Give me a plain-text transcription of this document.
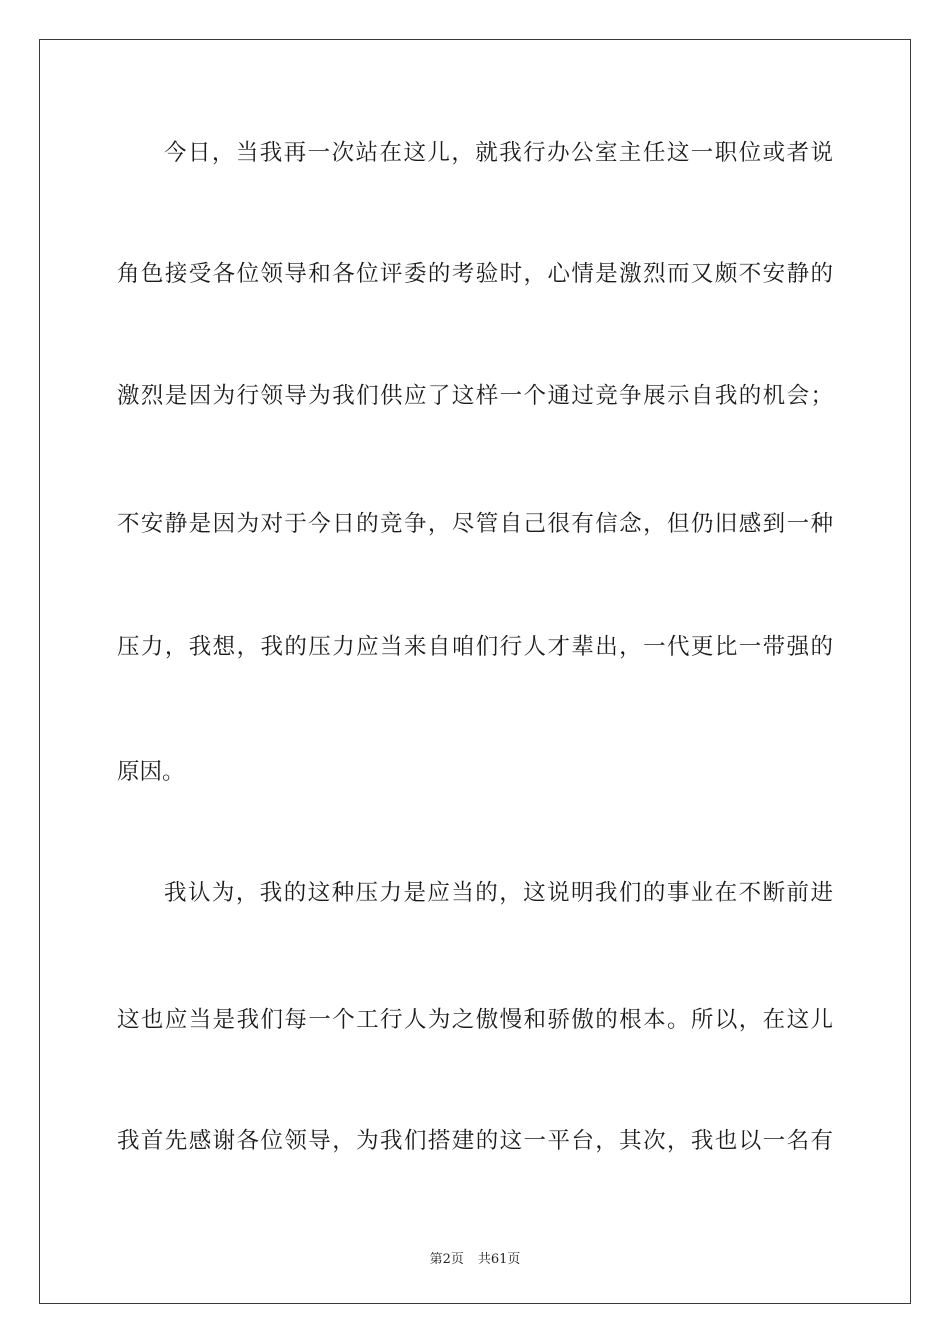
今日，当我再一次站在这儿，就我行办公室主任这一职位或者说
角色接受各位领导和各位评委的考验时，心情是激烈而又颇不安静的
激烈是因为行领导为我们供应了这样一个通过竞争展示自我的机会；
不安静是因为对于今日的竞争，尽管自己很有信念，但仍旧感到一种
压力，我想，我的压力应当来自咱们行人才辈出，一代更比一带强的
原因。
我认为，我的这种压力是应当的，这说明我们的事业在不断前进
这也应当是我们每一个工行人为之傲慢和骄傲的根本。所以，在这儿
我首先感谢各位领导，为我们搭建的这一平台，其次，我也以一名有
第2页 共61页
